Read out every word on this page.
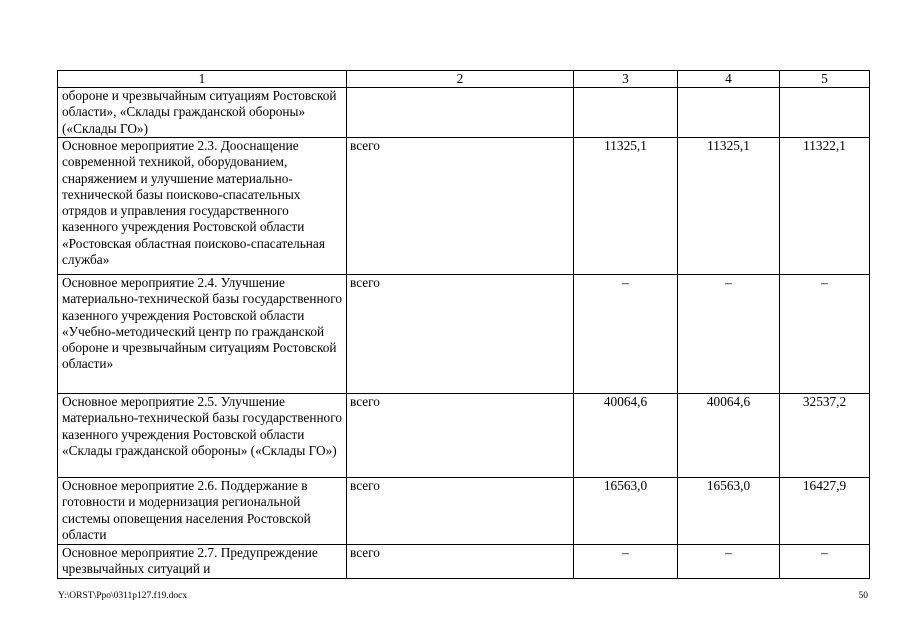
1	2	3	4	5
обороне и чрезвычайным ситуациям Ростовской области», «Склады гражданской обороны» («Склады ГО»)				
Основное мероприятие 2.3. Дооснащение современной техникой, оборудованием, снаряжением и улучшение материально-технической базы поисково-спасательных отрядов и управления государственного казенного учреждения Ростовской области «Ростовская областная поисково-спасательная служба»	всего	11325,1	11325,1	11322,1
Основное мероприятие 2.4. Улучшение материально-технической базы государственного казенного учреждения Ростовской области «Учебно-методический центр по гражданской обороне и чрезвычайным ситуациям Ростовской области»	всего	–	–	–
Основное мероприятие 2.5. Улучшение материально-технической базы государственного казенного учреждения Ростовской области «Склады гражданской обороны» («Склады ГО»)	всего	40064,6	40064,6	32537,2
Основное мероприятие 2.6. Поддержание в готовности и модернизация региональной системы оповещения населения Ростовской области	всего	16563,0	16563,0	16427,9
Основное мероприятие 2.7. Предупреждение чрезвычайных ситуаций и	всего	–	–	–
Y:\ORST\Ppo\0311p127.f19.docx	50
